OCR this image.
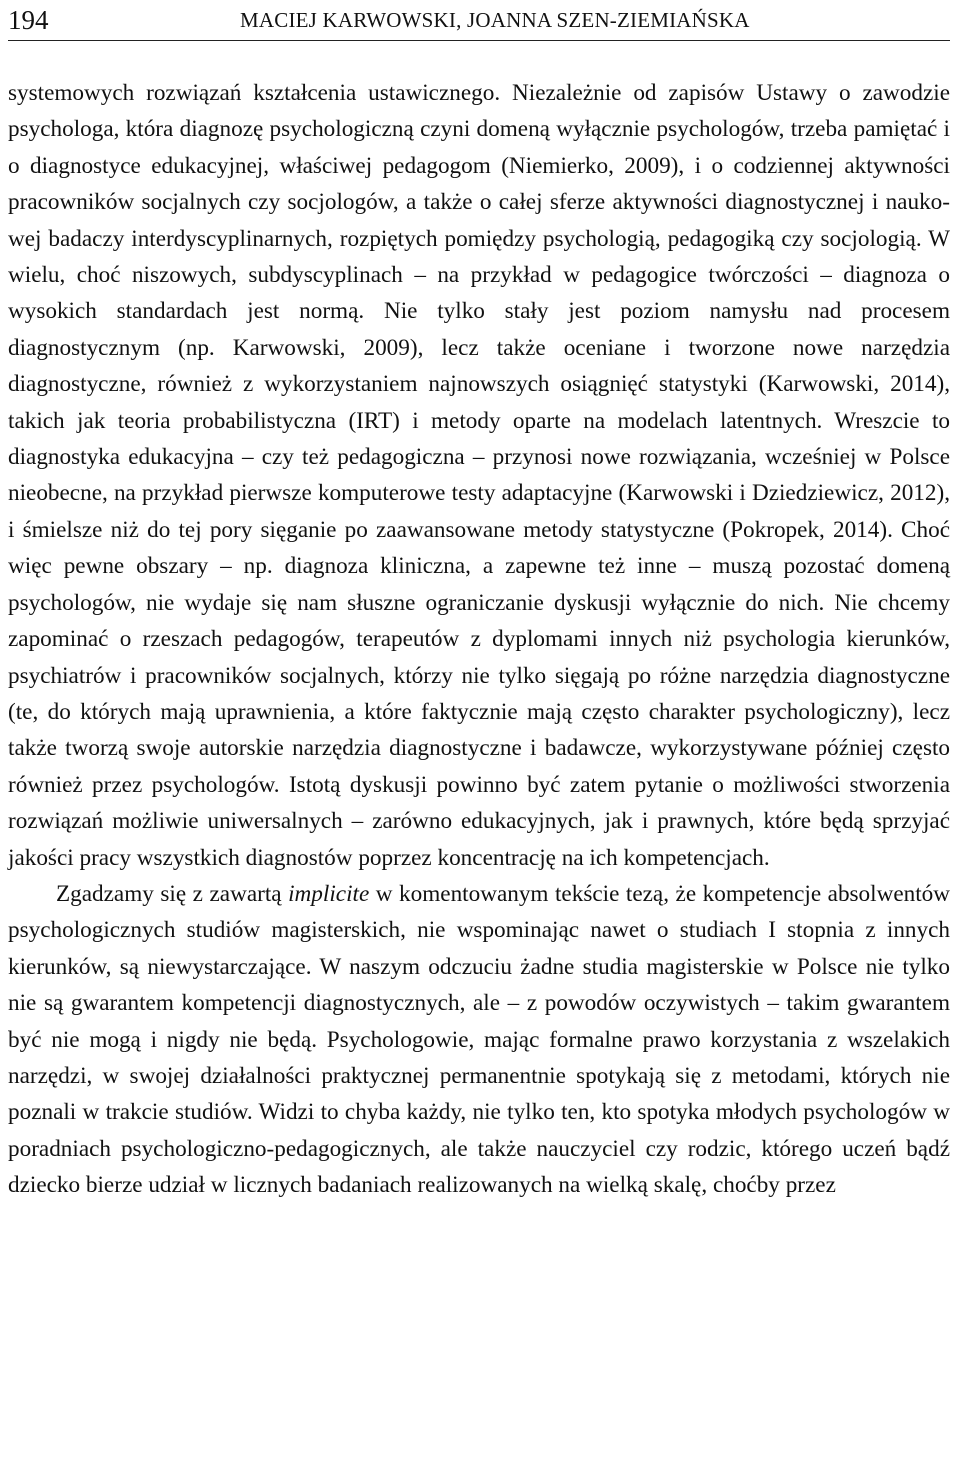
194	MACIEJ KARWOWSKI, JOANNA SZEN-ZIEMIAŃSKA

systemowych rozwiązań kształcenia ustawicznego. Niezależnie od zapisów Ustawy o zawodzie psychologa, która diagnozę psychologiczną czyni domeną wyłącznie psychologów, trzeba pamiętać i o diagnostyce edukacyjnej, właściwej pedagogom (Niemierko, 2009), i o codziennej aktywności pracowników socjalnych czy socjologów, a także o całej sferze aktywności diagnostycznej i naukowej badaczy interdyscyplinarnych, rozpiętych pomiędzy psychologią, pedagogiką czy socjologią. W wielu, choć niszowych, subdyscyplinach – na przykład w pedagogice twórczości – diagnoza o wysokich standardach jest normą. Nie tylko stały jest poziom namysłu nad procesem diagnostycznym (np. Karwowski, 2009), lecz także oceniane i tworzone nowe narzędzia diagnostyczne, również z wykorzystaniem najnowszych osiągnięć statystyki (Karwowski, 2014), takich jak teoria probabilistyczna (IRT) i metody oparte na modelach latentnych. Wreszcie to diagnostyka edukacyjna – czy też pedagogiczna – przynosi nowe rozwiązania, wcześniej w Polsce nieobecne, na przykład pierwsze komputerowe testy adaptacyjne (Karwowski i Dziedziewicz, 2012), i śmielsze niż do tej pory sięganie po zaawansowane metody statystyczne (Pokropek, 2014). Choć więc pewne obszary – np. diagnoza kliniczna, a zapewne też inne – muszą pozostać domeną psychologów, nie wydaje się nam słuszne ograniczanie dyskusji wyłącznie do nich. Nie chcemy zapominać o rzeszach pedagogów, terapeutów z dyplomami innych niż psychologia kierunków, psychiatrów i pracowników socjalnych, którzy nie tylko sięgają po różne narzędzia diagnostyczne (te, do których mają uprawnienia, a które faktycznie mają często charakter psychologiczny), lecz także tworzą swoje autorskie narzędzia diagnostyczne i badawcze, wykorzystywane później często również przez psychologów. Istotą dyskusji powinno być zatem pytanie o możliwości stworzenia rozwiązań możliwie uniwersalnych – zarówno edukacyjnych, jak i prawnych, które będą sprzyjać jakości pracy wszystkich diagnostów poprzez koncentrację na ich kompetencjach.

Zgadzamy się z zawartą implicite w komentowanym tekście tezą, że kompetencje absolwentów psychologicznych studiów magisterskich, nie wspominając nawet o studiach I stopnia z innych kierunków, są niewystarczające. W naszym odczuciu żadne studia magisterskie w Polsce nie tylko nie są gwarantem kompetencji diagnostycznych, ale – z powodów oczywistych – takim gwarantem być nie mogą i nigdy nie będą. Psychologowie, mając formalne prawo korzystania z wszelakich narzędzi, w swojej działalności praktycznej permanentnie spotykają się z metodami, których nie poznali w trakcie studiów. Widzi to chyba każdy, nie tylko ten, kto spotyka młodych psychologów w poradniach psychologiczno-pedagogicznych, ale także nauczyciel czy rodzic, którego uczeń bądź dziecko bierze udział w licznych badaniach realizowanych na wielką skalę, choćby przez
